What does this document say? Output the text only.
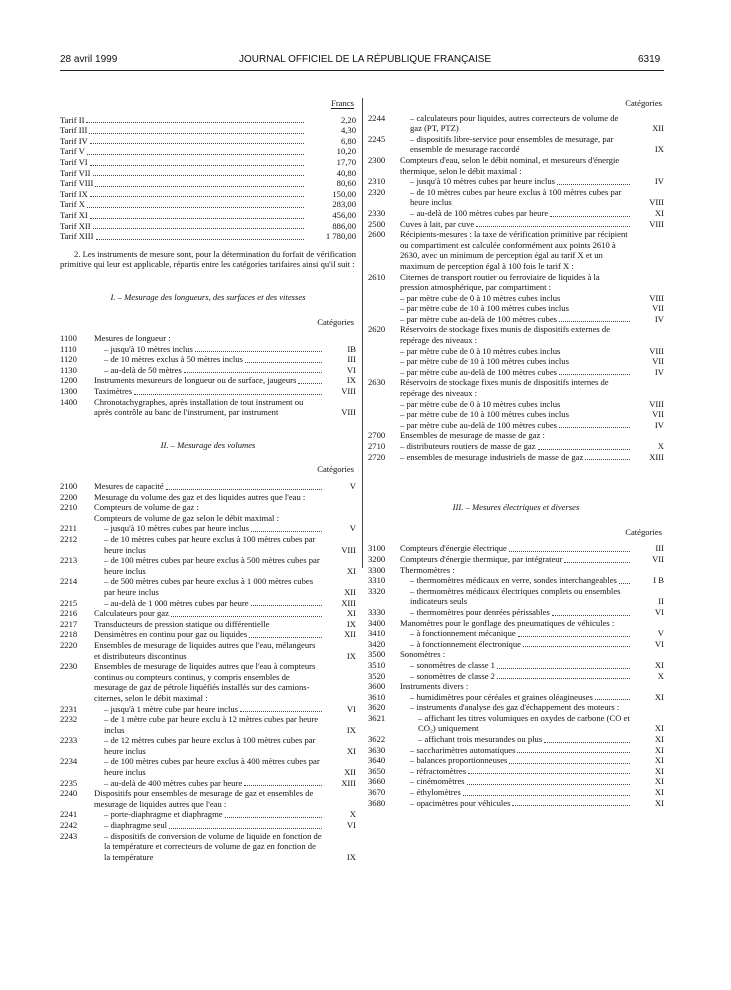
28 avril 1999	JOURNAL OFFICIEL DE LA RÉPUBLIQUE FRANÇAISE	6319
Francs
Tarif II	2,20
Tarif III	4,30
Tarif IV	6,80
Tarif V	10,20
Tarif VI	17,70
Tarif VII	40,80
Tarif VIII	80,60
Tarif IX	150,00
Tarif X	283,00
Tarif XI	456,00
Tarif XII	886,00
Tarif XIII	1 780,00
2. Les instruments de mesure sont, pour la détermination du forfait de vérification primitive qui leur est applicable, répartis entre les catégories tarifaires ainsi qu'il suit :
I. – Mesurage des longueurs, des surfaces et des vitesses
Catégories
1100	Mesures de longueur :
1110	– jusqu'à 10 mètres inclus	IB
1120	– de 10 mètres exclus à 50 mètres inclus	III
1130	– au-delà de 50 mètres	VI
1200	Instruments mesureurs de longueur ou de surface, jaugeurs	IX
1300	Taximètres	VIII
1400	Chronotachygraphes, après installation de tout instrument ou après contrôle au banc de l'instrument, par instrument	VIII
II. – Mesurage des volumes
Catégories
2100	Mesures de capacité	V
2200	Mesurage du volume des gaz et des liquides autres que l'eau :
2210	Compteurs de volume de gaz :
Compteurs de volume de gaz selon le débit maximal :
2211	– jusqu'à 10 mètres cubes par heure inclus	V
2212	– de 10 mètres cubes par heure exclus à 100 mètres cubes par heure inclus	VIII
2213	– de 100 mètres cubes par heure exclus à 500 mètres cubes par heure inclus	XI
2214	– de 500 mètres cubes par heure exclus à 1 000 mètres cubes par heure inclus	XII
2215	– au-delà de 1 000 mètres cubes par heure	XIII
2216	Calculateurs pour gaz	XI
2217	Transducteurs de pression statique ou différentielle	IX
2218	Densimètres en continu pour gaz ou liquides	XII
2220	Ensembles de mesurage de liquides autres que l'eau, mélangeurs et distributeurs discontinus	IX
2230	Ensembles de mesurage de liquides autres que l'eau à compteurs continus ou compteurs continus, y compris ensembles de mesurage de gaz de pétrole liquéfiés installés sur des camions-citernes, selon le débit maximal :
2231	– jusqu'à 1 mètre cube par heure inclus	VI
2232	– de 1 mètre cube par heure exclu à 12 mètres cubes par heure inclus	IX
2233	– de 12 mètres cubes par heure exclus à 100 mètres cubes par heure inclus	XI
2234	– de 100 mètres cubes par heure exclus à 400 mètres cubes par heure inclus	XII
2235	– au-delà de 400 mètres cubes par heure	XIII
2240	Dispositifs pour ensembles de mesurage de gaz et ensembles de mesurage de liquides autres que l'eau :
2241	– porte-diaphragme et diaphragme	X
2242	– diaphragme seul	VI
2243	– dispositifs de conversion de volume de liquide en fonction de la température et correcteurs de volume de gaz en fonction de la température	IX
Catégories
2244	– calculateurs pour liquides, autres correcteurs de volume de gaz (PT, PTZ)	XII
2245	– dispositifs libre-service pour ensembles de mesurage, par ensemble de mesurage raccordé	IX
2300	Compteurs d'eau, selon le débit nominal, et mesureurs d'énergie thermique, selon le débit maximal :
2310	– jusqu'à 10 mètres cubes par heure inclus	IV
2320	– de 10 mètres cubes par heure exclus à 100 mètres cubes par heure inclus	VIII
2330	– au-delà de 100 mètres cubes par heure	XI
2500	Cuves à lait, par cuve	VIII
2600	Récipients-mesures : la taxe de vérification primitive par récipient ou compartiment est calculée conformément aux points 2610 à 2630, avec un minimum de perception égal au tarif X et un maximum de perception égal à 100 fois le tarif X :
2610	Citernes de transport routier ou ferroviaire de liquides à la pression atmosphérique, par compartiment :
– par mètre cube de 0 à 10 mètres cubes inclus	VIII
– par mètre cube de 10 à 100 mètres cubes inclus	VII
– par mètre cube au-delà de 100 mètres cubes	IV
2620	Réservoirs de stockage fixes munis de dispositifs externes de repérage des niveaux :
– par mètre cube de 0 à 10 mètres cubes inclus	VIII
– par mètre cube de 10 à 100 mètres cubes inclus	VII
– par mètre cube au-delà de 100 mètres cubes	IV
2630	Réservoirs de stockage fixes munis de dispositifs internes de repérage des niveaux :
– par mètre cube de 0 à 10 mètres cubes inclus	VIII
– par mètre cube de 10 à 100 mètres cubes inclus	VII
– par mètre cube au-delà de 100 mètres cubes	IV
2700	Ensembles de mesurage de masse de gaz :
2710	– distributeurs routiers de masse de gaz	X
2720	– ensembles de mesurage industriels de masse de gaz	XIII
III. – Mesures électriques et diverses
Catégories
3100	Compteurs d'énergie électrique	III
3200	Compteurs d'énergie thermique, par intégrateur	VII
3300	Thermomètres :
3310	– thermomètres médicaux en verre, sondes interchangeables	I B
3320	– thermomètres médicaux électriques complets ou ensembles indicateurs seuls	II
3330	– thermomètres pour denrées périssables	VI
3400	Manomètres pour le gonflage des pneumatiques de véhicules :
3410	– à fonctionnement mécanique	V
3420	– à fonctionnement électronique	VI
3500	Sonomètres :
3510	– sonomètres de classe 1	XI
3520	– sonomètres de classe 2	X
3600	Instruments divers :
3610	– humidimètres pour céréales et graines oléagineuses	XI
3620	– instruments d'analyse des gaz d'échappement des moteurs :
3621	– affichant les titres volumiques en oxydes de carbone (CO et CO₂) uniquement	XI
3622	– affichant trois mesurandes ou plus	XI
3630	– saccharimètres automatiques	XI
3640	– balances proportionneuses	XI
3650	– réfractomètres	XI
3660	– cinémomètres	XI
3670	– éthylomètres	XI
3680	– opacimètres pour véhicules	XI
